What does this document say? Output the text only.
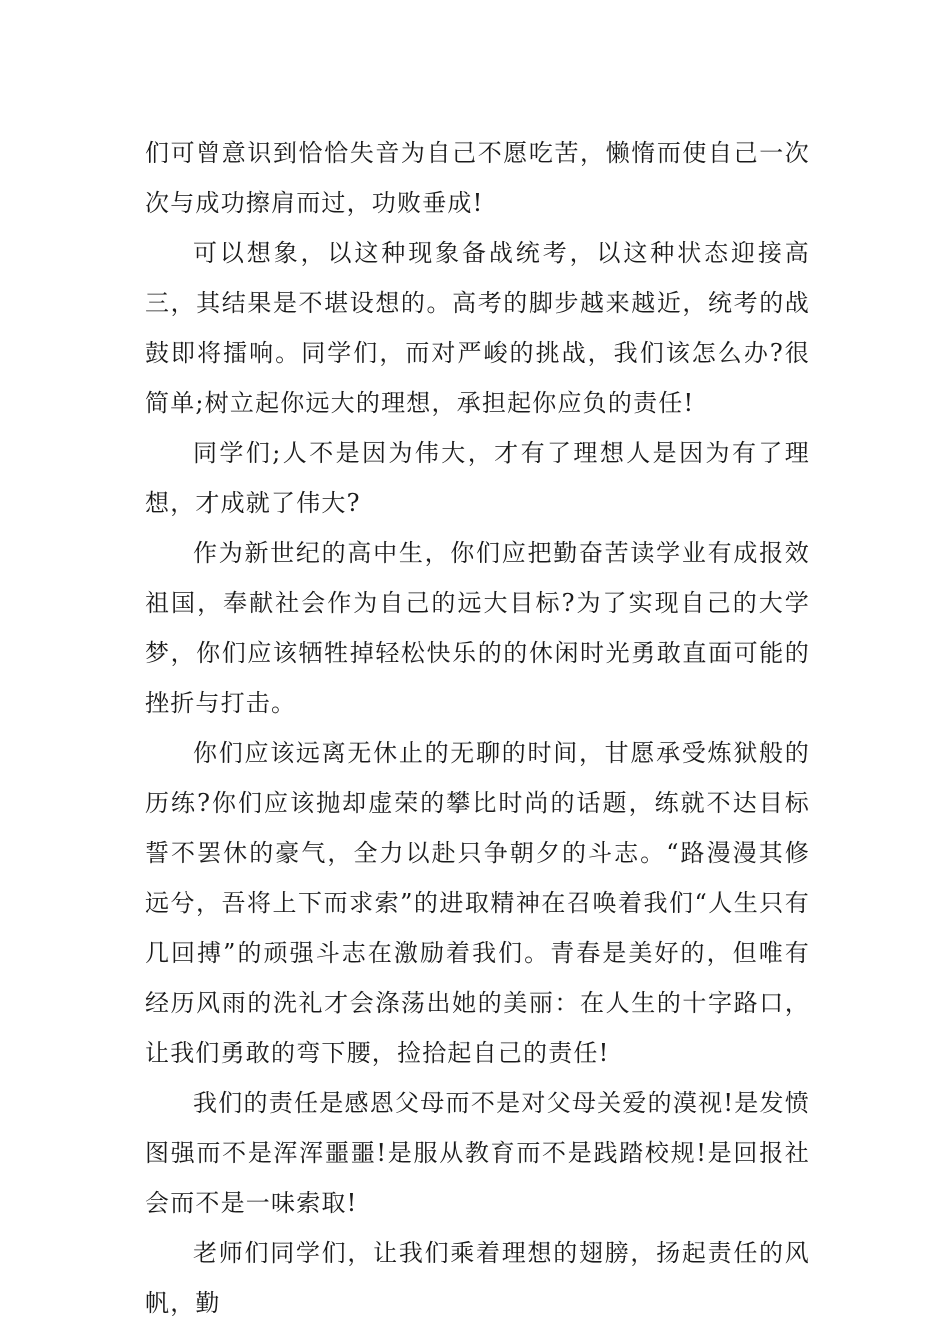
们可曾意识到恰恰失音为自己不愿吃苦，懒惰而使自己一次次与成功擦肩而过，功败垂成!

可以想象，以这种现象备战统考，以这种状态迎接高三，其结果是不堪设想的。高考的脚步越来越近，统考的战鼓即将擂响。同学们，而对严峻的挑战，我们该怎么办?很简单;树立起你远大的理想，承担起你应负的责任!

同学们;人不是因为伟大，才有了理想人是因为有了理想，才成就了伟大?

作为新世纪的高中生，你们应把勤奋苦读学业有成报效祖国，奉献社会作为自己的远大目标?为了实现自己的大学梦，你们应该牺牲掉轻松快乐的的休闲时光勇敢直面可能的挫折与打击。

你们应该远离无休止的无聊的时间，甘愿承受炼狱般的历练?你们应该抛却虚荣的攀比时尚的话题，练就不达目标誓不罢休的豪气，全力以赴只争朝夕的斗志。“路漫漫其修远兮，吾将上下而求索”的进取精神在召唤着我们“人生只有几回搏”的顽强斗志在激励着我们。青春是美好的，但唯有经历风雨的洗礼才会涤荡出她的美丽：在人生的十字路口，让我们勇敢的弯下腰，捡拾起自己的责任!

我们的责任是感恩父母而不是对父母关爱的漠视!是发愤图强而不是浑浑噩噩!是服从教育而不是践踏校规!是回报社会而不是一味索取!

老师们同学们，让我们乘着理想的翅膀，扬起责任的风帆，勤
